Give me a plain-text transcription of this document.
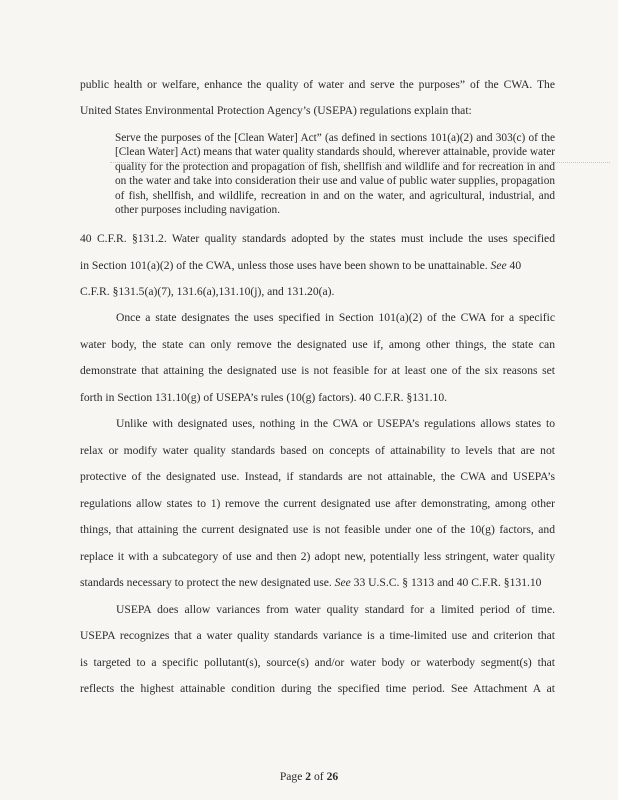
public health or welfare, enhance the quality of water and serve the purposes” of the CWA. The
United States Environmental Protection Agency’s (USEPA) regulations explain that:
Serve the purposes of the [Clean Water] Act” (as defined in sections 101(a)(2) and 303(c) of the [Clean Water] Act) means that water quality standards should, wherever attainable, provide water quality for the protection and propagation of fish, shellfish and wildlife and for recreation in and on the water and take into consideration their use and value of public water supplies, propagation of fish, shellfish, and wildlife, recreation in and on the water, and agricultural, industrial, and other purposes including navigation.
40 C.F.R. §131.2. Water quality standards adopted by the states must include the uses specified
in Section 101(a)(2) of the CWA, unless those uses have been shown to be unattainable. See 40
C.F.R. §131.5(a)(7), 131.6(a),131.10(j), and 131.20(a).
Once a state designates the uses specified in Section 101(a)(2) of the CWA for a specific
water body, the state can only remove the designated use if, among other things, the state can
demonstrate that attaining the designated use is not feasible for at least one of the six reasons set
forth in Section 131.10(g) of USEPA’s rules (10(g) factors). 40 C.F.R. §131.10.
Unlike with designated uses, nothing in the CWA or USEPA’s regulations allows states to
relax or modify water quality standards based on concepts of attainability to levels that are not
protective of the designated use. Instead, if standards are not attainable, the CWA and USEPA’s
regulations allow states to 1) remove the current designated use after demonstrating, among other
things, that attaining the current designated use is not feasible under one of the 10(g) factors, and
replace it with a subcategory of use and then 2) adopt new, potentially less stringent, water quality
standards necessary to protect the new designated use. See 33 U.S.C. § 1313 and 40 C.F.R. §131.10
USEPA does allow variances from water quality standard for a limited period of time.
USEPA recognizes that a water quality standards variance is a time-limited use and criterion that
is targeted to a specific pollutant(s), source(s) and/or water body or waterbody segment(s) that
reflects the highest attainable condition during the specified time period. See Attachment A at
Page 2 of 26
